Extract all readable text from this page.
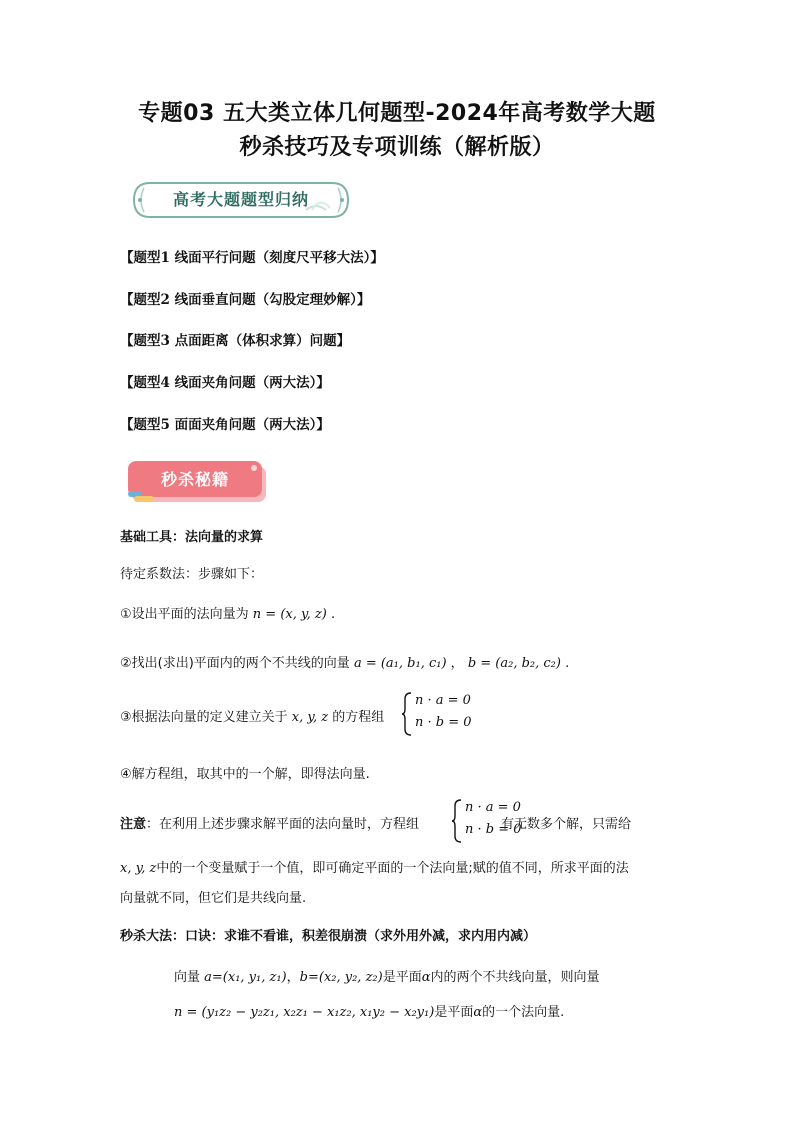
专题03 五大类立体几何题型-2024年高考数学大题
秒杀技巧及专项训练（解析版）
高考大题题型归纳
【题型1 线面平行问题（刻度尺平移大法）】
【题型2 线面垂直问题（勾股定理妙解）】
【题型3 点面距离（体积求算）问题】
【题型4 线面夹角问题（两大法）】
【题型5 面面夹角问题（两大法）】
秒杀秘籍
基础工具：法向量的求算
待定系数法：步骤如下：
①设出平面的法向量为 n = (x, y, z) .
②找出(求出)平面内的两个不共线的向量 a = (a₁, b₁, c₁) ， b = (a₂, b₂, c₂) .
③根据法向量的定义建立关于 x, y, z 的方程组
n · a = 0
n · b = 0
④解方程组，取其中的一个解，即得法向量.
注意：在利用上述步骤求解平面的法向量时，方程组	有无数多个解，只需给
n · a = 0
n · b = 0
x, y, z中的一个变量赋于一个值，即可确定平面的一个法向量;赋的值不同，所求平面的法
向量就不同，但它们是共线向量.
秒杀大法：口诀：求谁不看谁，积差很崩溃（求外用外减，求内用内减）
向量 a=(x₁, y₁, z₁)，b=(x₂, y₂, z₂)是平面α内的两个不共线向量，则向量
n = (y₁z₂ − y₂z₁, x₂z₁ − x₁z₂, x₁y₂ − x₂y₁)是平面α的一个法向量.
